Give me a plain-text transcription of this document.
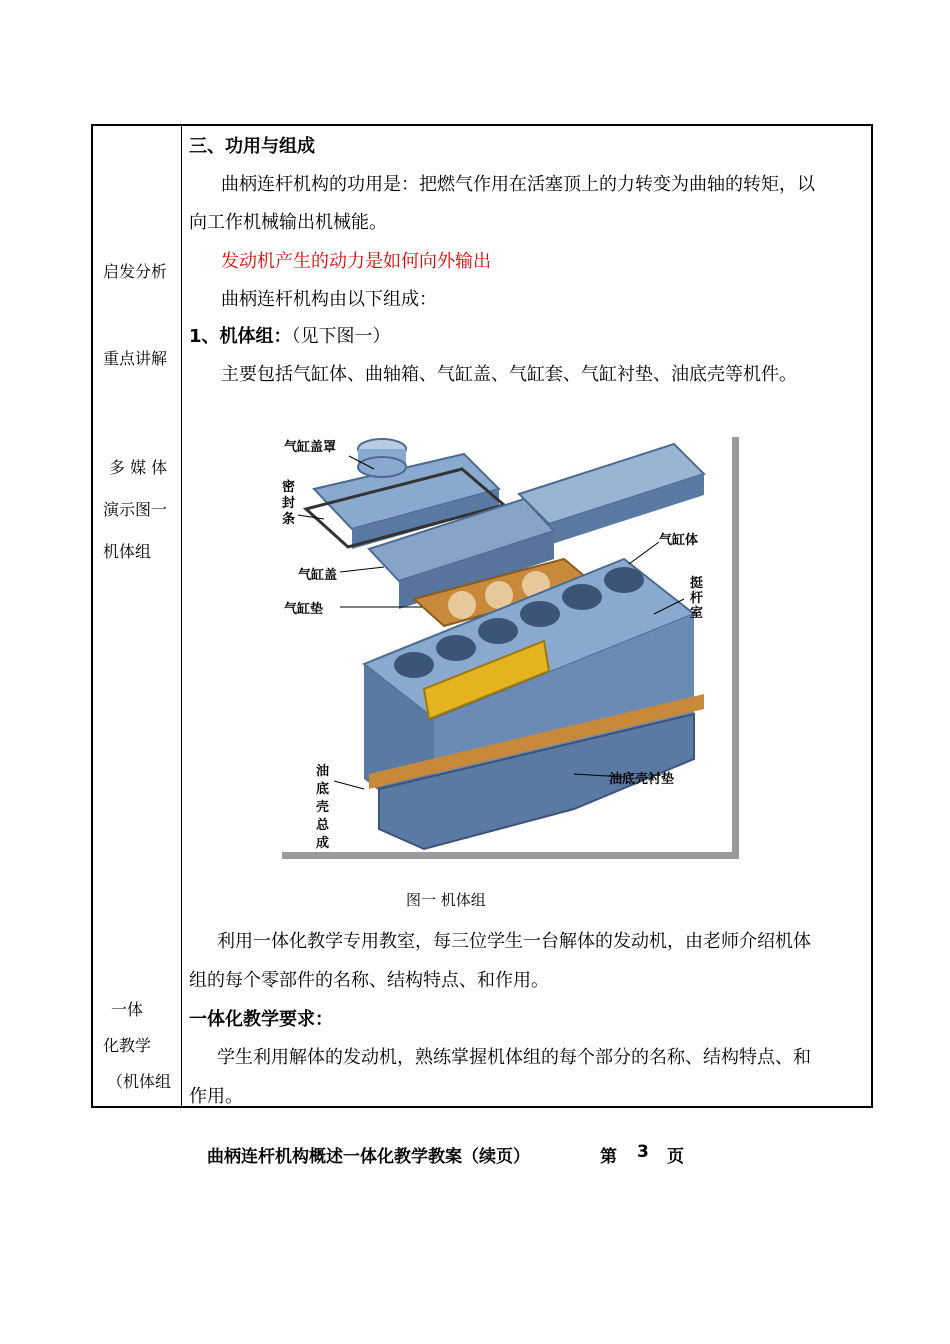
启发分析
重点讲解
多 媒 体
演示图一
机体组
一体
化教学
（机体组
三、功用与组成
曲柄连杆机构的功用是：把燃气作用在活塞顶上的力转变为曲轴的转矩，以
向工作机械输出机械能。
发动机产生的动力是如何向外输出
曲柄连杆机构由以下组成：
1、机体组：（见下图一）
主要包括气缸体、曲轴箱、气缸盖、气缸套、气缸衬垫、油底壳等机件。
气缸盖罩
密
封
条
气缸盖
气缸垫
气缸体
挺
杆
室
油
底
壳
总
成
油底壳衬垫
利用一体化教学专用教室，每三位学生一台解体的发动机，由老师介绍机体
组的每个零部件的名称、结构特点、和作用。
一体化教学要求：
学生利用解体的发动机，熟练掌握机体组的每个部分的名称、结构特点、和
作用。
图一 机体组
曲柄连杆机构概述一体化教学教案（续页）	第 3 页
